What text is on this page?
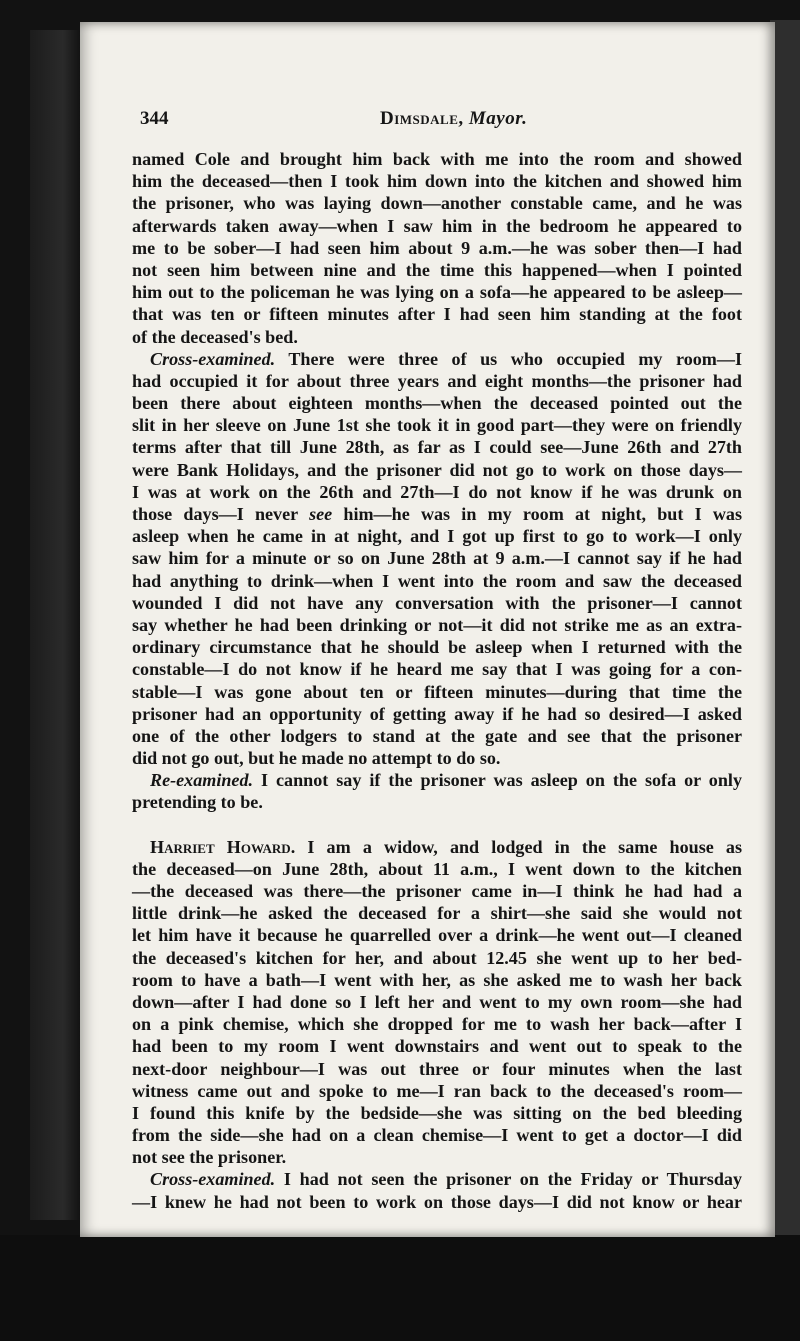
344	Dimsdale, Mayor.
named Cole and brought him back with me into the room and showed
him the deceased—then I took him down into the kitchen and showed him
the prisoner, who was laying down—another constable came, and he was
afterwards taken away—when I saw him in the bedroom he appeared to
me to be sober—I had seen him about 9 a.m.—he was sober then—I had
not seen him between nine and the time this happened—when I pointed
him out to the policeman he was lying on a sofa—he appeared to be asleep—
that was ten or fifteen minutes after I had seen him standing at the foot
of the deceased's bed.
Cross-examined. There were three of us who occupied my room—I
had occupied it for about three years and eight months—the prisoner had
been there about eighteen months—when the deceased pointed out the
slit in her sleeve on June 1st she took it in good part—they were on friendly
terms after that till June 28th, as far as I could see—June 26th and 27th
were Bank Holidays, and the prisoner did not go to work on those days—
I was at work on the 26th and 27th—I do not know if he was drunk on
those days—I never see him—he was in my room at night, but I was
asleep when he came in at night, and I got up first to go to work—I only
saw him for a minute or so on June 28th at 9 a.m.—I cannot say if he had
had anything to drink—when I went into the room and saw the deceased
wounded I did not have any conversation with the prisoner—I cannot
say whether he had been drinking or not—it did not strike me as an extra-
ordinary circumstance that he should be asleep when I returned with the
constable—I do not know if he heard me say that I was going for a con-
stable—I was gone about ten or fifteen minutes—during that time the
prisoner had an opportunity of getting away if he had so desired—I asked
one of the other lodgers to stand at the gate and see that the prisoner
did not go out, but he made no attempt to do so.
Re-examined. I cannot say if the prisoner was asleep on the sofa or only
pretending to be.
Harriet Howard. I am a widow, and lodged in the same house as
the deceased—on June 28th, about 11 a.m., I went down to the kitchen
—the deceased was there—the prisoner came in—I think he had had a
little drink—he asked the deceased for a shirt—she said she would not
let him have it because he quarrelled over a drink—he went out—I cleaned
the deceased's kitchen for her, and about 12.45 she went up to her bed-
room to have a bath—I went with her, as she asked me to wash her back
down—after I had done so I left her and went to my own room—she had
on a pink chemise, which she dropped for me to wash her back—after I
had been to my room I went downstairs and went out to speak to the
next-door neighbour—I was out three or four minutes when the last
witness came out and spoke to me—I ran back to the deceased's room—
I found this knife by the bedside—she was sitting on the bed bleeding
from the side—she had on a clean chemise—I went to get a doctor—I did
not see the prisoner.
Cross-examined. I had not seen the prisoner on the Friday or Thursday
—I knew he had not been to work on those days—I did not know or hear
